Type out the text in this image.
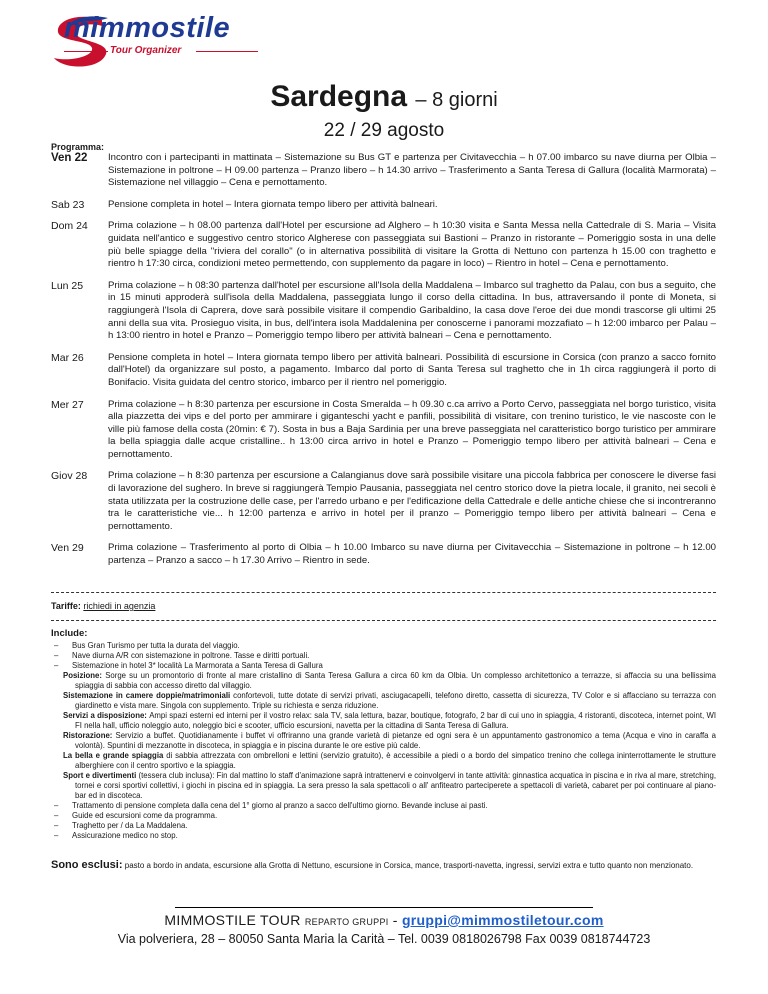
mimmostile
Tour Organizer
Sardegna – 8 giorni
22 / 29 agosto
Programma:
Ven 22	Incontro con i partecipanti in mattinata – Sistemazione su Bus GT e partenza per Civitavecchia – h 07.00 imbarco su nave diurna per Olbia – Sistemazione in poltrone – H 09.00 partenza – Pranzo libero – h 14.30 arrivo – Trasferimento a Santa Teresa di Gallura (località Marmorata) – Sistemazione nel villaggio – Cena e pernottamento.
Sab 23	Pensione completa in hotel – Intera giornata tempo libero per attività balneari.
Dom 24	Prima colazione – h 08.00 partenza dall'Hotel per escursione ad Alghero – h 10:30 visita e Santa Messa nella Cattedrale di S. Maria – Visita guidata nell'antico e suggestivo centro storico Algherese con passeggiata sui Bastioni – Pranzo in ristorante – Pomeriggio sosta in una delle più belle spiagge della "riviera del corallo" (o in alternativa possibilità di visitare la Grotta di Nettuno con partenza h 15.00 con traghetto e rientro h 17:30 circa, condizioni meteo permettendo, con supplemento da pagare in loco) – Rientro in hotel – Cena e pernottamento.
Lun 25	Prima colazione – h 08:30 partenza dall'hotel per escursione all'Isola della Maddalena – Imbarco sul traghetto da Palau, con bus a seguito, che in 15 minuti approderà sull'isola della Maddalena, passeggiata lungo il corso della cittadina. In bus, attraversando il ponte di Moneta, si raggiungerà l'Isola di Caprera, dove sarà possibile visitare il compendio Garibaldino, la casa dove l'eroe dei due mondi trascorse gli ultimi 25 anni della sua vita. Prosieguo visita, in bus, dell'intera isola Maddalenina per conoscerne i panorami mozzafiato – h 12:00 imbarco per Palau – h 13:00 rientro in hotel e Pranzo – Pomeriggio tempo libero per attività balneari – Cena e pernottamento.
Mar 26	Pensione completa in hotel – Intera giornata tempo libero per attività balneari. Possibilità di escursione in Corsica (con pranzo a sacco fornito dall'Hotel) da organizzare sul posto, a pagamento. Imbarco dal porto di Santa Teresa sul traghetto che in 1h circa raggiungerà il porto di Bonifacio. Visita guidata del centro storico, imbarco per il rientro nel pomeriggio.
Mer 27	Prima colazione – h 8:30 partenza per escursione in Costa Smeralda – h 09.30 c.ca arrivo a Porto Cervo, passeggiata nel borgo turistico, visita alla piazzetta dei vips e del porto per ammirare i giganteschi yacht e panfili, possibilità di visitare, con trenino turistico, le vie nascoste con le ville più famose della costa (20min: € 7). Sosta in bus a Baja Sardinia per una breve passeggiata nel caratteristico borgo turistico per ammirare la bella spiaggia dalle acque cristalline.. h 13:00 circa arrivo in hotel e Pranzo – Pomeriggio tempo libero per attività balneari – Cena e pernottamento.
Giov 28	Prima colazione – h 8:30 partenza per escursione a Calangianus dove sarà possibile visitare una piccola fabbrica per conoscere le diverse fasi di lavorazione del sughero. In breve si raggiungerà Tempio Pausania, passeggiata nel centro storico dove la pietra locale, il granito, nei secoli è stata utilizzata per la costruzione delle case, per l'arredo urbano e per l'edificazione della Cattedrale e delle antiche chiese che si incontreranno tra le caratteristiche vie... h 12:00 partenza e arrivo in hotel per il pranzo – Pomeriggio tempo libero per attività balneari – Cena e pernottamento.
Ven 29	Prima colazione – Trasferimento al porto di Olbia – h 10.00 Imbarco su nave diurna per Civitavecchia – Sistemazione in poltrone – h 12.00 partenza – Pranzo a sacco – h 17.30 Arrivo – Rientro in sede.
Tariffe: richiedi in agenzia
Include:
–	Bus Gran Turismo per tutta la durata del viaggio.
–	Nave diurna A/R con sistemazione in poltrone. Tasse e diritti portuali.
–	Sistemazione in hotel 3* località La Marmorata a Santa Teresa di Gallura
Posizione: Sorge su un promontorio di fronte al mare cristallino di Santa Teresa Gallura a circa 60 km da Olbia. Un complesso architettonico a terrazze, si affaccia su una bellissima spiaggia di sabbia con accesso diretto dal villaggio.
Sistemazione in camere doppie/matrimoniali confortevoli, tutte dotate di servizi privati, asciugacapelli, telefono diretto, cassetta di sicurezza, TV Color e si affacciano su terrazza con giardinetto e vista mare. Singola con supplemento. Triple su richiesta e senza riduzione.
Servizi a disposizione: Ampi spazi esterni ed interni per il vostro relax: sala TV, sala lettura, bazar, boutique, fotografo, 2 bar di cui uno in spiaggia, 4 ristoranti, discoteca, internet point, WI FI nella hall, ufficio noleggio auto, noleggio bici e scooter, ufficio escursioni, navetta per la cittadina di Santa Teresa di Gallura.
Ristorazione: Servizio a buffet. Quotidianamente i buffet vi offriranno una grande varietà di pietanze ed ogni sera è un appuntamento gastronomico a tema (Acqua e vino in caraffa a volontà). Spuntini di mezzanotte in discoteca, in spiaggia e in piscina durante le ore estive più calde.
La bella e grande spiaggia di sabbia attrezzata con ombrelloni e lettini (servizio gratuito), è accessibile a piedi o a bordo del simpatico trenino che collega ininterrottamente le strutture alberghiere con il centro sportivo e la spiaggia.
Sport e divertimenti (tessera club inclusa): Fin dal mattino lo staff d'animazione saprà intrattenervi e coinvolgervi in tante attività: ginnastica acquatica in piscina e in riva al mare, stretching, tornei e corsi sportivi collettivi, i giochi in piscina ed in spiaggia. La sera presso la sala spettacoli o all' anfiteatro parteciperete a spettacoli di varietà, cabaret per poi continuare al piano-bar ed in discoteca.
–	Trattamento di pensione completa dalla cena del 1° giorno al pranzo a sacco dell'ultimo giorno. Bevande incluse ai pasti.
–	Guide ed escursioni come da programma.
–	Traghetto per / da La Maddalena.
–	Assicurazione medico no stop.
Sono esclusi: pasto a bordo in andata, escursione alla Grotta di Nettuno, escursione in Corsica, mance, trasporti-navetta, ingressi, servizi extra e tutto quanto non menzionato.
MIMMOSTILE TOUR REPARTO GRUPPI - gruppi@mimmostiletour.com
Via polveriera, 28 – 80050 Santa Maria la Carità – Tel. 0039 0818026798 Fax 0039 0818744723
